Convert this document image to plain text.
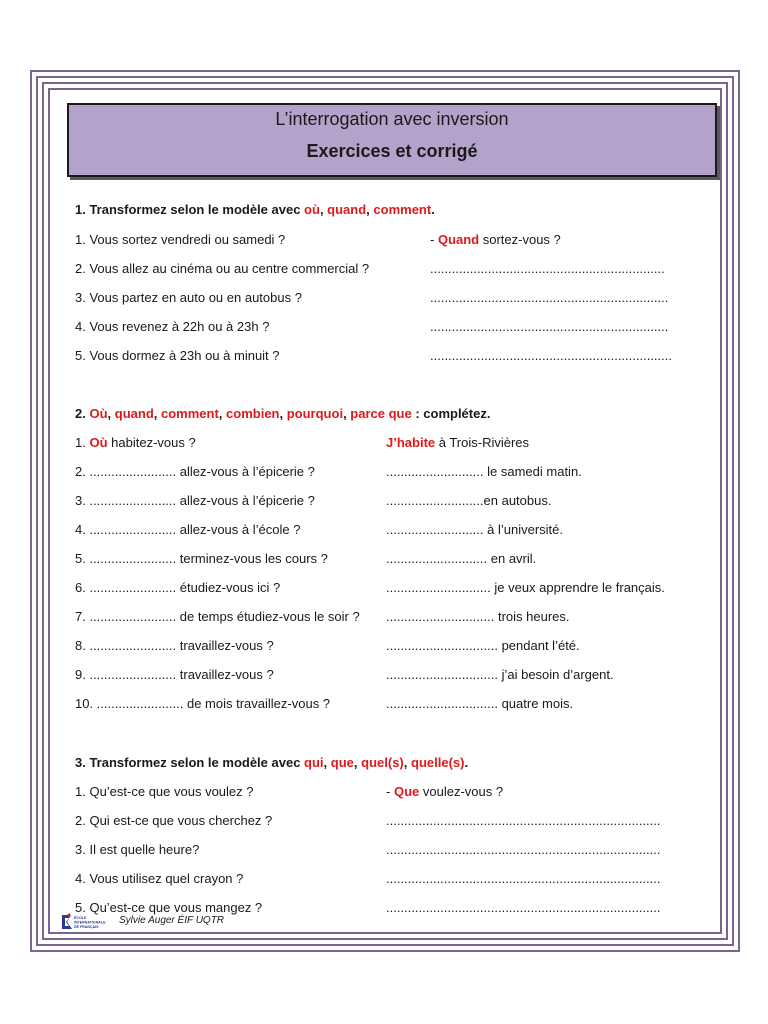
L’interrogation avec inversion
Exercices et corrigé
1. Transformez selon le modèle avec où, quand, comment.
1. Vous sortez vendredi ou samedi ?	- Quand sortez-vous ?
2. Vous allez au cinéma ou au centre commercial ?	.................................................................
3. Vous partez en auto ou en autobus ?	..................................................................
4. Vous revenez à 22h ou à 23h ?	..................................................................
5. Vous dormez à 23h ou à minuit ?	...................................................................
2. Où, quand, comment, combien, pourquoi, parce que : complétez.
1. Où habitez-vous ?	J’habite à Trois-Rivières
2. ........................ allez-vous à l’épicerie ?	........................... le samedi matin.
3. ........................ allez-vous à l’épicerie ?	...........................en autobus.
4. ........................ allez-vous à l’école ?	........................... à l’université.
5. ........................ terminez-vous les cours ?	............................ en avril.
6. ........................ étudiez-vous ici ?	............................. je veux apprendre le français.
7. ........................ de temps étudiez-vous le soir ? .............................. trois heures.
8. ........................ travaillez-vous ?	............................... pendant l’été.
9. ........................ travaillez-vous ?	............................... j’ai besoin d’argent.
10. ........................ de mois travaillez-vous ?	............................... quatre mois.
3. Transformez selon le modèle avec qui, que, quel(s), quelle(s).
1. Qu’est-ce que vous voulez ?	- Que voulez-vous ?
2. Qui est-ce que vous cherchez ?	............................................................................
3. Il est quelle heure?	............................................................................
4. Vous utilisez quel crayon ?	............................................................................
5. Qu’est-ce que vous mangez ?	............................................................................
ÉCOLE
INTERNATIONALE
DE FRANÇAIS
Sylvie Auger ÉIF UQTR
